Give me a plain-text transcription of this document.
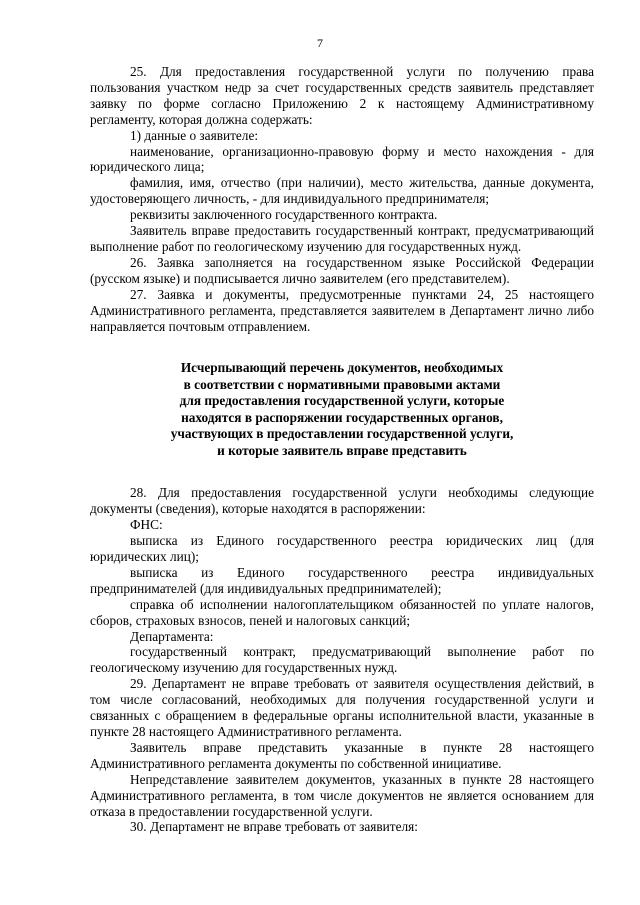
7

25. Для предоставления государственной услуги по получению права пользования участком недр за счет государственных средств заявитель представляет заявку по форме согласно Приложению 2 к настоящему Административному регламенту, которая должна содержать:

1) данные о заявителе:

наименование, организационно-правовую форму и место нахождения - для юридического лица;

фамилия, имя, отчество (при наличии), место жительства, данные документа, удостоверяющего личность, - для индивидуального предпринимателя;

реквизиты заключенного государственного контракта.

Заявитель вправе предоставить государственный контракт, предусматривающий выполнение работ по геологическому изучению для государственных нужд.

26. Заявка заполняется на государственном языке Российской Федерации (русском языке) и подписывается лично заявителем (его представителем).

27. Заявка и документы, предусмотренные пунктами 24, 25 настоящего Административного регламента, представляется заявителем в Департамент лично либо направляется почтовым отправлением.

Исчерпывающий перечень документов, необходимых
в соответствии с нормативными правовыми актами
для предоставления государственной услуги, которые
находятся в распоряжении государственных органов,
участвующих в предоставлении государственной услуги,
и которые заявитель вправе представить

28. Для предоставления государственной услуги необходимы следующие документы (сведения), которые находятся в распоряжении:

ФНС:

выписка из Единого государственного реестра юридических лиц (для юридических лиц);

выписка из Единого государственного реестра индивидуальных предпринимателей (для индивидуальных предпринимателей);

справка об исполнении налогоплательщиком обязанностей по уплате налогов, сборов, страховых взносов, пеней и налоговых санкций;

Департамента:

государственный контракт, предусматривающий выполнение работ по геологическому изучению для государственных нужд.

29. Департамент не вправе требовать от заявителя осуществления действий, в том числе согласований, необходимых для получения государственной услуги и связанных с обращением в федеральные органы исполнительной власти, указанные в пункте 28 настоящего Административного регламента.

Заявитель вправе представить указанные в пункте 28 настоящего Административного регламента документы по собственной инициативе.

Непредставление заявителем документов, указанных в пункте 28 настоящего Административного регламента, в том числе документов не является основанием для отказа в предоставлении государственной услуги.

30. Департамент не вправе требовать от заявителя:
